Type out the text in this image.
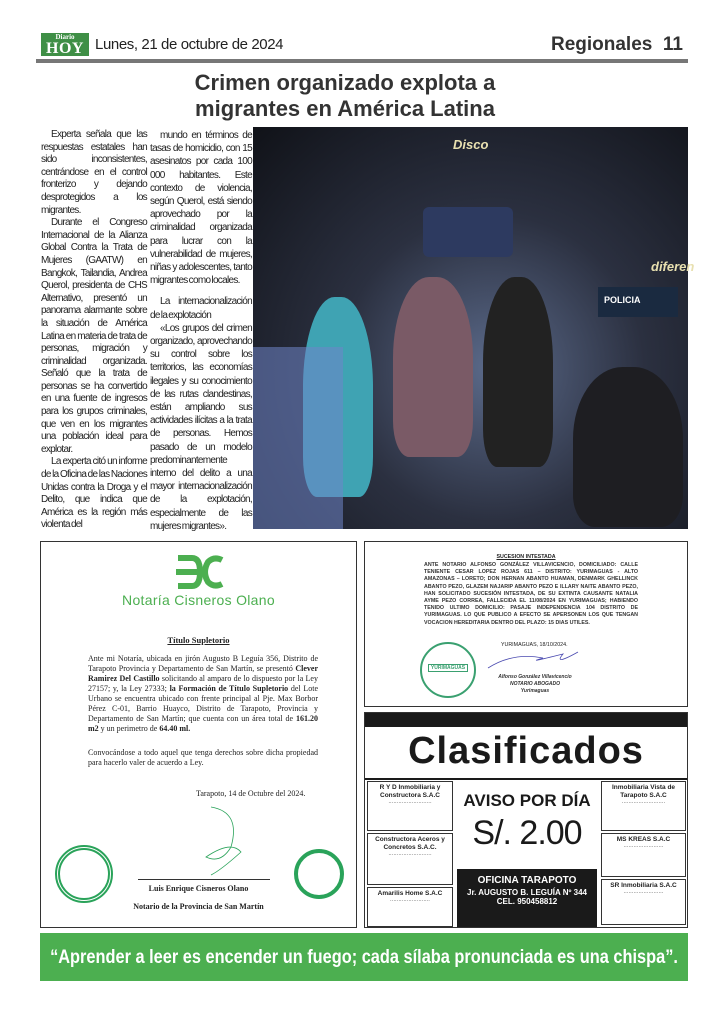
Diario
HOY Lunes, 21 de octubre de 2024	Regionales 11
Crimen organizado explota a migrantes en América Latina

Experta señala que las respuestas estatales han sido inconsistentes, centrándose en el control fronterizo y dejando desprotegidos a los migrantes.

Durante el Congreso Internacional de la Alianza Global Contra la Trata de Mujeres (GAATW) en Bangkok, Tailandia, Andrea Querol, presidenta de CHS Alternativo, presentó un panorama alarmante sobre la situación de América Latina en materia de trata de personas, migración y criminalidad organizada. Señaló que la trata de personas se ha convertido en una fuente de ingresos para los grupos criminales, que ven en los migrantes una población ideal para explotar.

La experta citó un informe de la Oficina de las Naciones Unidas contra la Droga y el Delito, que indica que América es la región más violenta del

mundo en términos de tasas de homicidio, con 15 asesinatos por cada 100 000 habitantes. Este contexto de violencia, según Querol, está siendo aprovechado por la criminalidad organizada para lucrar con la vulnerabilidad de mujeres, niñas y adolescentes, tanto migrantes como locales.

La internacionalización de la explotación

«Los grupos del crimen organizado, aprovechando su control sobre los territorios, las economías ilegales y su conocimiento de las rutas clandestinas, están ampliando sus actividades ilícitas a la trata de personas. Hemos pasado de un modelo predominantemente interno del delito a una mayor internacionalización de la explotación, especialmente de las mujeres migrantes».

Disco
diferen
POLICIA
Notaría Cisneros Olano
Título Supletorio
Ante mi Notaría, ubicada en jirón Augusto B Leguía 356, Distrito de Tarapoto Provincia y Departamento de San Martín, se presentó Clever Ramirez Del Castillo solicitando al amparo de lo dispuesto por la Ley 27157; y, la Ley 27333; la Formación de Título Supletorio del Lote Urbano se encuentra ubicado con frente principal al Pje. Max Borbor Pérez C-01, Barrio Huayco, Distrito de Tarapoto, Provincia y Departamento de San Martín; que cuenta con un área total de 161.20 m2 y un perimetro de 64.40 ml.
Convocándose a todo aquel que tenga derechos sobre dicha propiedad para hacerlo valer de acuerdo a Ley.
Tarapoto, 14 de Octubre del 2024.
Luis Enrique Cisneros Olano
Notario de la Provincia de San Martín
SUCESION INTESTADA
ANTE NOTARIO ALFONSO GONZÁLEZ VILLAVICENCIO, DOMICILIADO: CALLE TENIENTE CESAR LOPEZ ROJAS 611 – DISTRITO: YURIMAGUAS - ALTO AMAZONAS – LORETO; DON HERNAN ABANTO HUAMAN, DENMARK GHELLINCK ABANTO PEZO, GLAZEM NAJARIP ABANTO PEZO E ILLARY NAITE ABANTO PEZO, HAN SOLICITADO SUCESIÓN INTESTADA, DE SU EXTINTA CAUSANTE NATALIA AYME PEZO CORREA, FALLECIDA EL 11/08/2024 EN YURIMAGUAS; HABIENDO TENIDO ULTIMO DOMICILIO: PASAJE INDEPENDENCIA 104 DISTRITO DE YURIMAGUAS. LO QUE PUBLICO A EFECTO SE APERSONEN LOS QUE TENGAN VOCACION HEREDITARIA DENTRO DEL PLAZO: 15 DIAS UTILES.
YURIMAGUAS, 18/10/2024.
YURIMAGUAS
Alfonso González Villavicencio
NOTARIO ABOGADO
Yurimaguas
Clasificados
R Y D Inmobiliaria y Constructora S.A.C
··························
Constructora Aceros y Concretos S.A.C.
··························
Amarilis Home S.A.C
························
AVISO POR DÍA
S/. 2.00
OFICINA TARAPOTO
Jr. AUGUSTO B. LEGUÍA Nº 344
CEL. 950458812
Inmobiliaria Vista de Tarapoto S.A.C
··························
MS KREAS S.A.C
························
SR Inmobiliaria S.A.C
························
“Aprender a leer es encender un fuego; cada sílaba pronunciada es una chispa”.
